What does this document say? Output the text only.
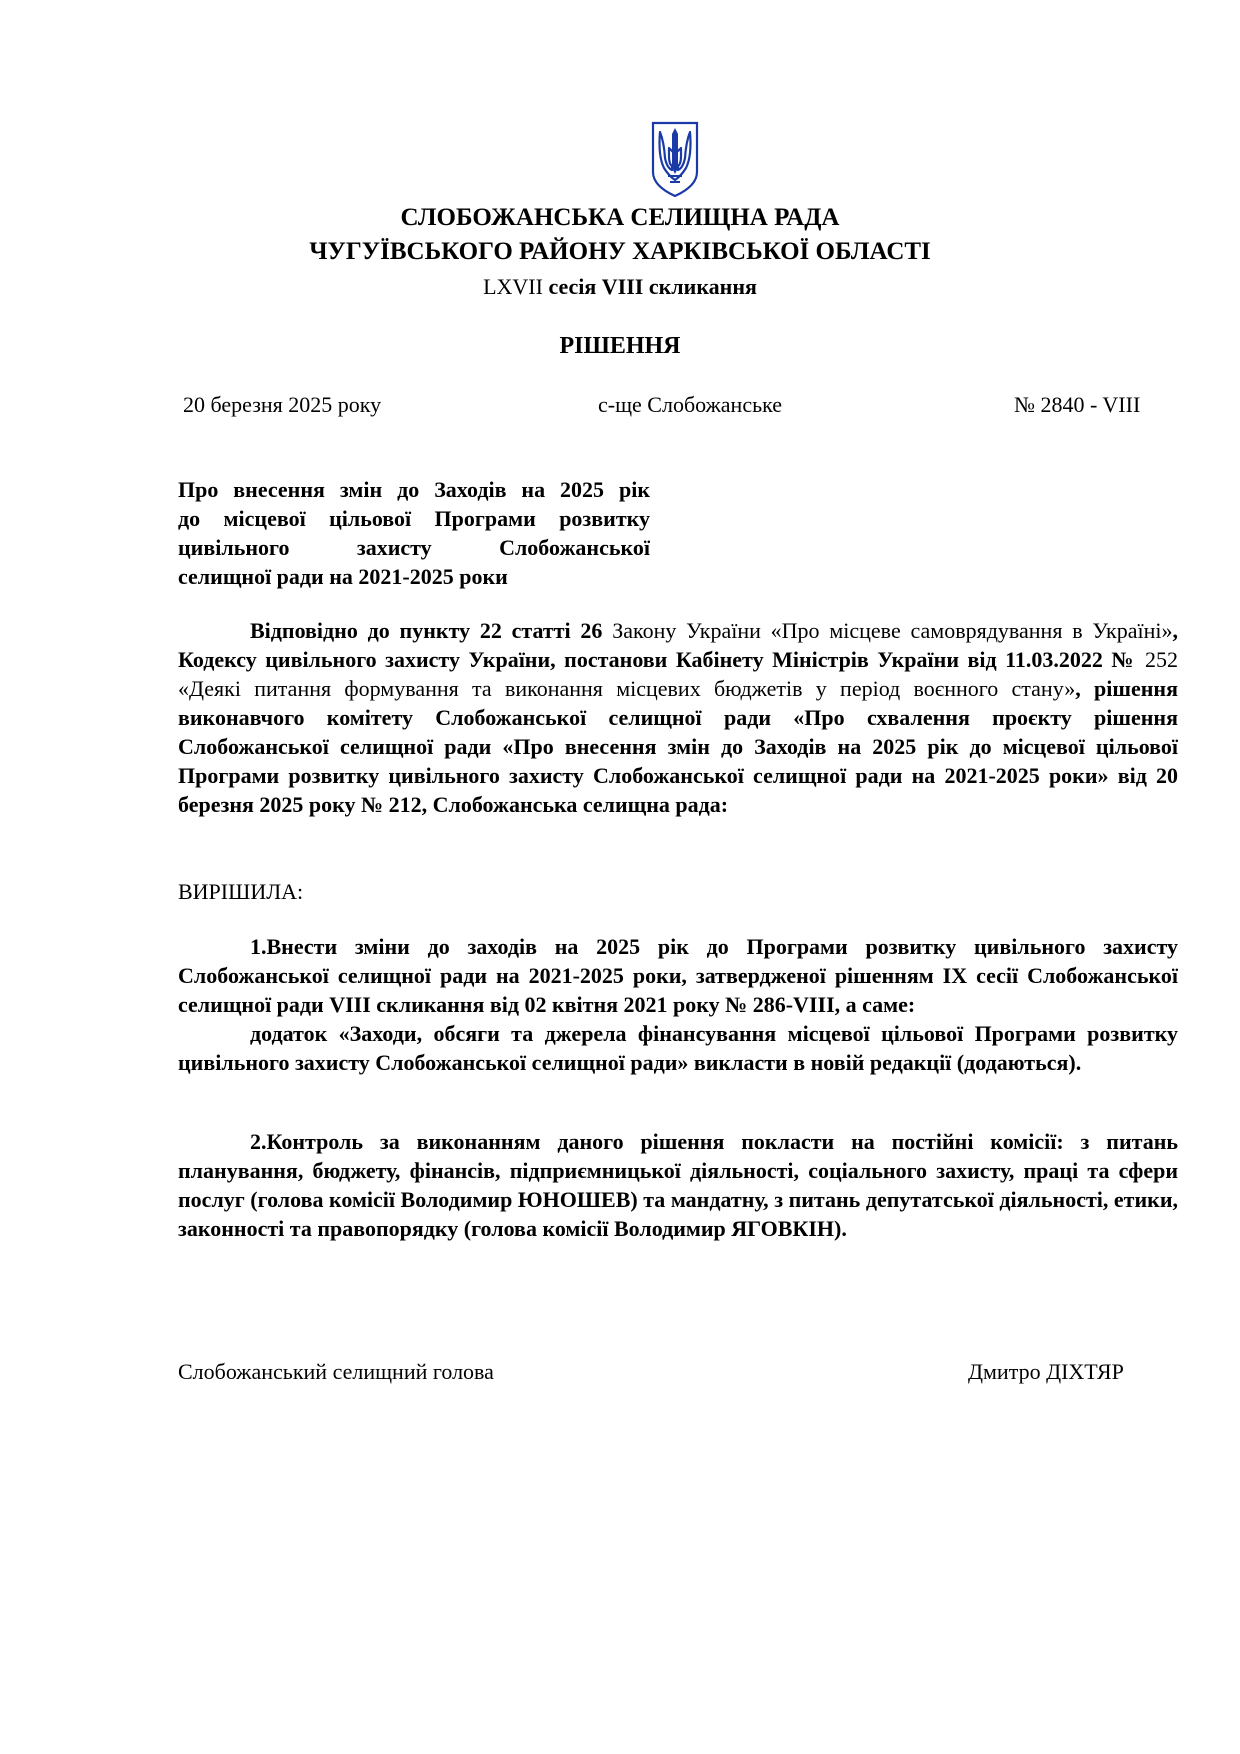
СЛОБОЖАНСЬКА СЕЛИЩНА РАДА
ЧУГУЇВСЬКОГО РАЙОНУ ХАРКІВСЬКОЇ ОБЛАСТІ
LXVII сесія VIII скликання
РІШЕННЯ
20 березня 2025 року	с-ще Слобожанське	№ 2840 - VIII
Про внесення змін до Заходів на 2025 рік
до місцевої цільової Програми розвитку
цивільного захисту Слобожанської
селищної ради на 2021-2025 роки

Відповідно до пункту 22 статті 26 Закону України «Про місцеве самоврядування в Україні», Кодексу цивільного захисту України, постанови Кабінету Міністрів України від 11.03.2022 № 252 «Деякі питання формування та виконання місцевих бюджетів у період воєнного стану», рішення виконавчого комітету Слобожанської селищної ради «Про схвалення проєкту рішення Слобожанської селищної ради «Про внесення змін до Заходів на 2025 рік до місцевої цільової Програми розвитку цивільного захисту Слобожанської селищної ради на 2021-2025 роки» від 20 березня 2025 року № 212, Слобожанська селищна рада:

ВИРІШИЛА:

1.Внести зміни до заходів на 2025 рік до Програми розвитку цивільного захисту Слобожанської селищної ради на 2021-2025 роки, затвердженої рішенням IX сесії Слобожанської селищної ради VIII скликання від 02 квітня 2021 року № 286-VIII, а саме:

додаток «Заходи, обсяги та джерела фінансування місцевої цільової Програми розвитку цивільного захисту Слобожанської селищної ради» викласти в новій редакції (додаються).

2.Контроль за виконанням даного рішення покласти на постійні комісії: з питань планування, бюджету, фінансів, підприємницької діяльності, соціального захисту, праці та сфери послуг (голова комісії Володимир ЮНОШЕВ) та мандатну, з питань депутатської діяльності, етики, законності та правопорядку (голова комісії Володимир ЯГОВКІН).

Слобожанський селищний голова	Дмитро ДІХТЯР
